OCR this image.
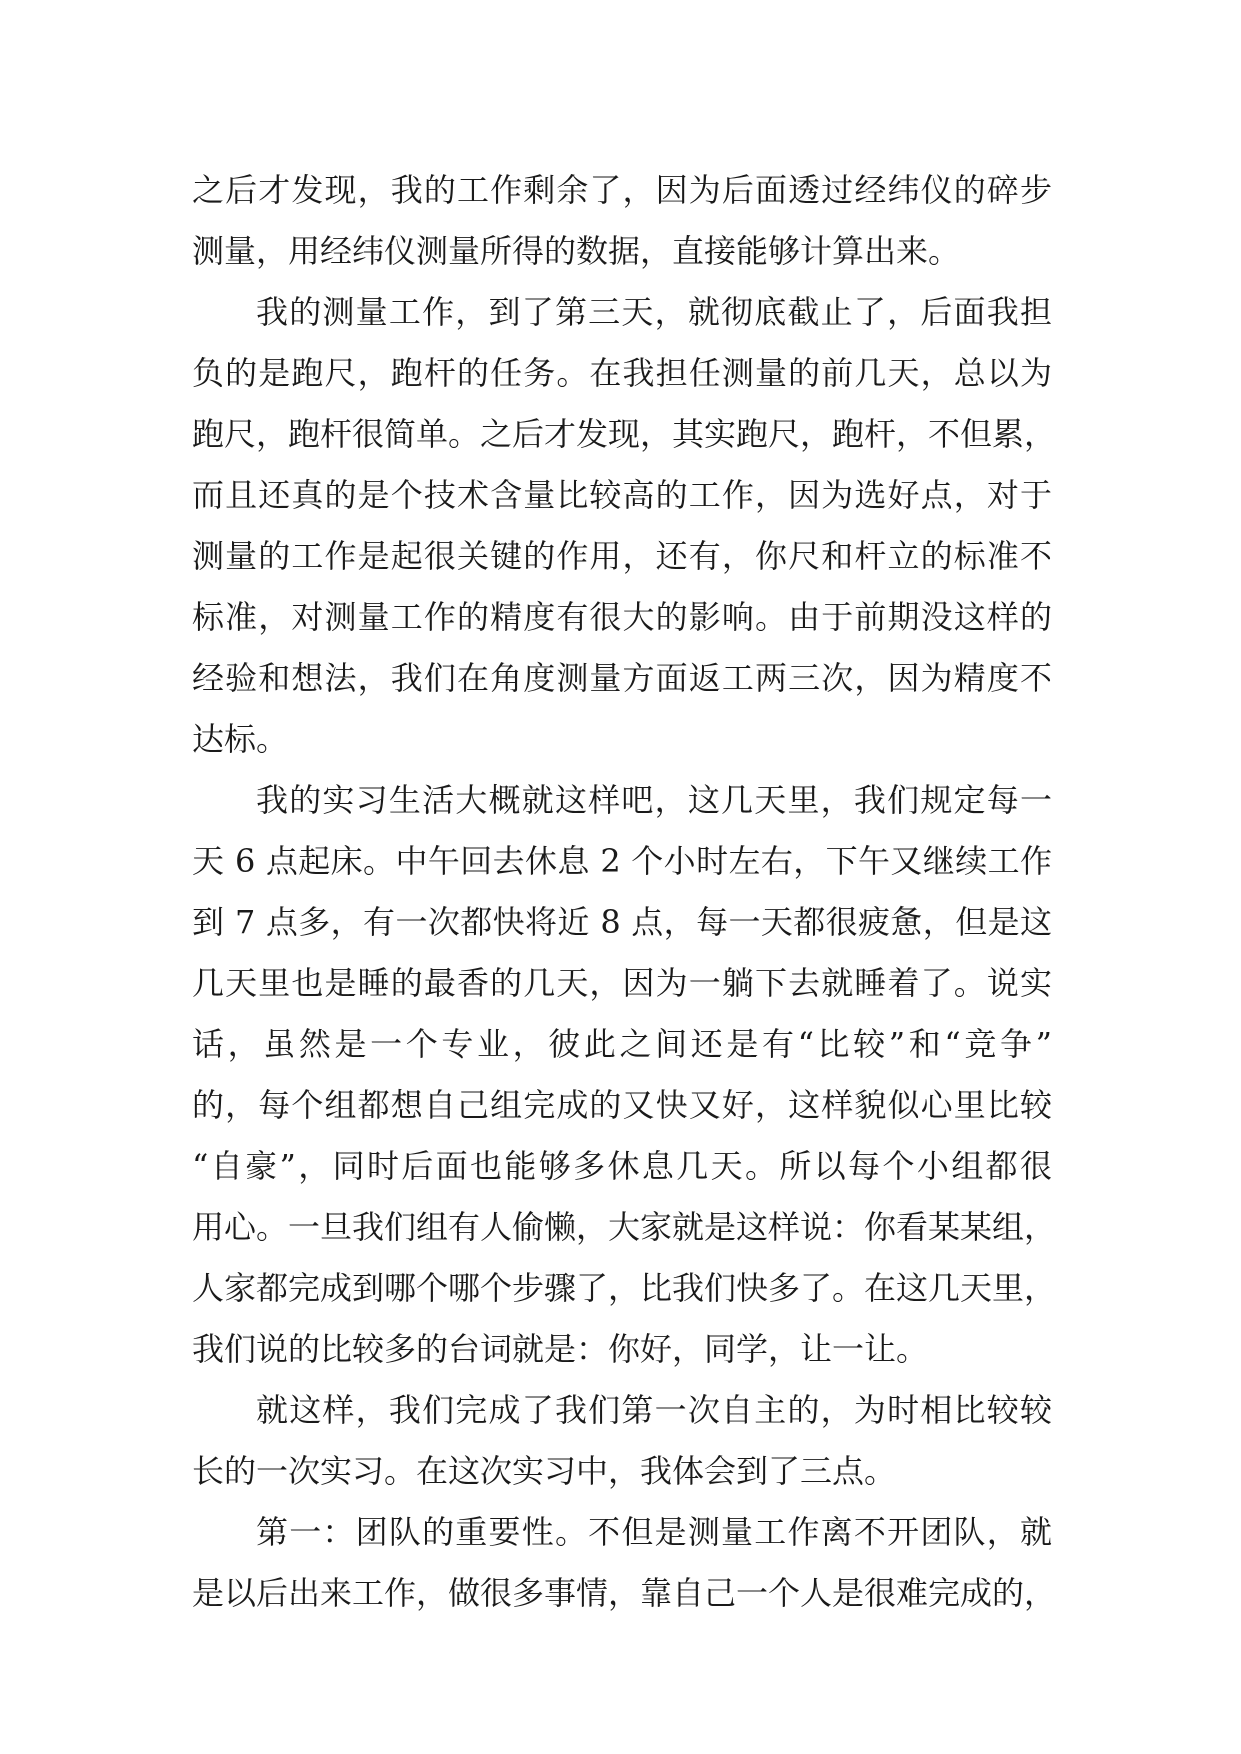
之后才发现，我的工作剩余了，因为后面透过经纬仪的碎步
测量，用经纬仪测量所得的数据，直接能够计算出来。
我的测量工作，到了第三天，就彻底截止了，后面我担
负的是跑尺，跑杆的任务。在我担任测量的前几天，总以为
跑尺，跑杆很简单。之后才发现，其实跑尺，跑杆，不但累，
而且还真的是个技术含量比较高的工作，因为选好点，对于
测量的工作是起很关键的作用，还有，你尺和杆立的标准不
标准，对测量工作的精度有很大的影响。由于前期没这样的
经验和想法，我们在角度测量方面返工两三次，因为精度不
达标。
我的实习生活大概就这样吧，这几天里，我们规定每一
天 6 点起床。中午回去休息 2 个小时左右，下午又继续工作
到 7 点多，有一次都快将近 8 点，每一天都很疲惫，但是这
几天里也是睡的最香的几天，因为一躺下去就睡着了。说实
话，虽然是一个专业，彼此之间还是有“比较”和“竞争”
的，每个组都想自己组完成的又快又好，这样貌似心里比较
“自豪”，同时后面也能够多休息几天。所以每个小组都很
用心。一旦我们组有人偷懒，大家就是这样说：你看某某组，
人家都完成到哪个哪个步骤了，比我们快多了。在这几天里，
我们说的比较多的台词就是：你好，同学，让一让。
就这样，我们完成了我们第一次自主的，为时相比较较
长的一次实习。在这次实习中，我体会到了三点。
第一：团队的重要性。不但是测量工作离不开团队，就
是以后出来工作，做很多事情，靠自己一个人是很难完成的，
